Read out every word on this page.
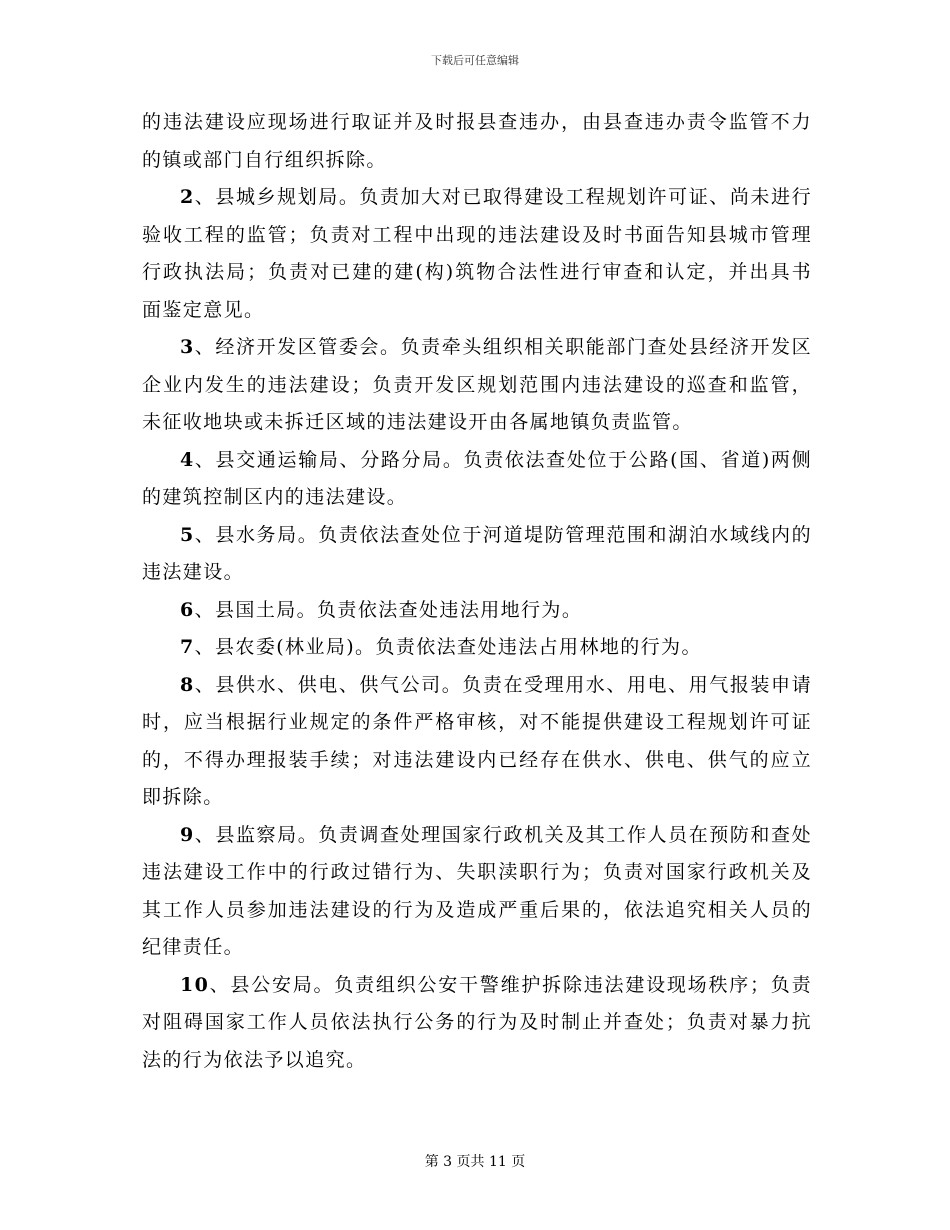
下载后可任意编辑

的违法建设应现场进行取证并及时报县查违办，由县查违办责令监管不力的镇或部门自行组织拆除。

2、县城乡规划局。负责加大对已取得建设工程规划许可证、尚未进行验收工程的监管；负责对工程中出现的违法建设及时书面告知县城市管理行政执法局；负责对已建的建(构)筑物合法性进行审查和认定，并出具书面鉴定意见。

3、经济开发区管委会。负责牵头组织相关职能部门查处县经济开发区企业内发生的违法建设；负责开发区规划范围内违法建设的巡查和监管，未征收地块或未拆迁区域的违法建设开由各属地镇负责监管。

4、县交通运输局、分路分局。负责依法查处位于公路(国、省道)两侧的建筑控制区内的违法建设。

5、县水务局。负责依法查处位于河道堤防管理范围和湖泊水域线内的违法建设。

6、县国土局。负责依法查处违法用地行为。

7、县农委(林业局)。负责依法查处违法占用林地的行为。

8、县供水、供电、供气公司。负责在受理用水、用电、用气报装申请时，应当根据行业规定的条件严格审核，对不能提供建设工程规划许可证的，不得办理报装手续；对违法建设内已经存在供水、供电、供气的应立即拆除。

9、县监察局。负责调查处理国家行政机关及其工作人员在预防和查处违法建设工作中的行政过错行为、失职渎职行为；负责对国家行政机关及其工作人员参加违法建设的行为及造成严重后果的，依法追究相关人员的纪律责任。

10、县公安局。负责组织公安干警维护拆除违法建设现场秩序；负责对阻碍国家工作人员依法执行公务的行为及时制止并查处；负责对暴力抗法的行为依法予以追究。

第 3 页共 11 页
